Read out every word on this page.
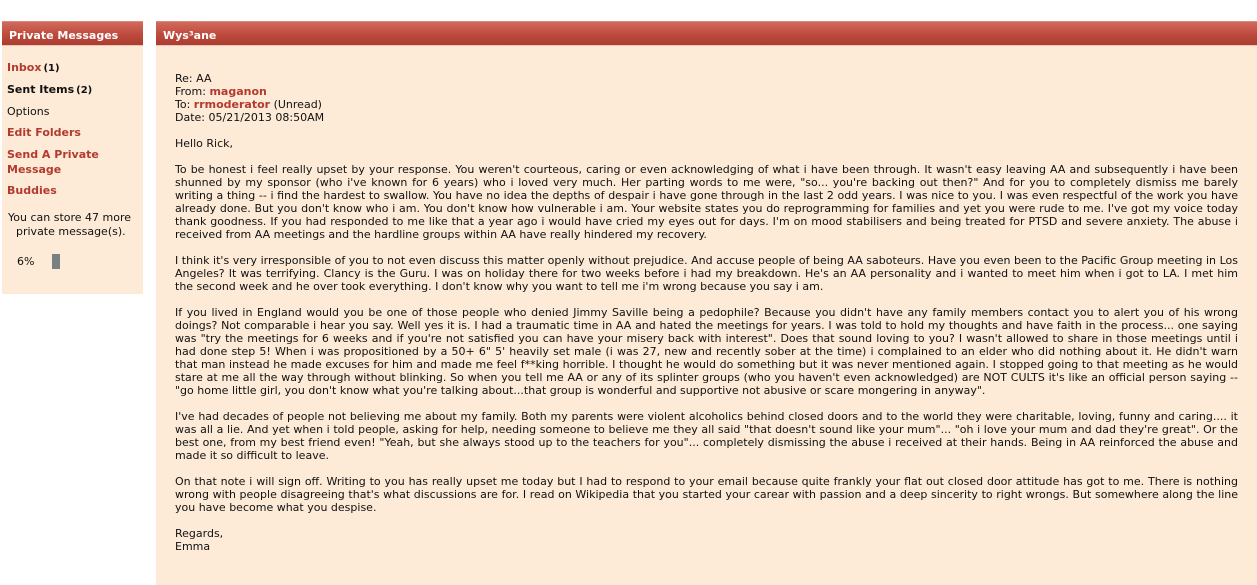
Private Messages
Inbox (1)
Sent Items (2)
Options
Edit Folders
Send A Private Message
Buddies
You can store 47 more
private message(s).
6%
Wys³ane
Re: AA
From: maganon
To: rrmoderator (Unread)
Date: 05/21/2013 08:50AM
Hello Rick,
To be honest i feel really upset by your response. You weren't courteous, caring or even acknowledging of what i have been through. It wasn't easy leaving AA and subsequently i have been shunned by my sponsor (who i've known for 6 years) who i loved very much. Her parting words to me were, "so... you're backing out then?" And for you to completely dismiss me barely writing a thing -- i find the hardest to swallow. You have no idea the depths of despair i have gone through in the last 2 odd years. I was nice to you. I was even respectful of the work you have already done. But you don't know who i am. You don't know how vulnerable i am. Your website states you do reprogramming for families and yet you were rude to me. I've got my voice today thank goodness. If you had responded to me like that a year ago i would have cried my eyes out for days. I'm on mood stabilisers and being treated for PTSD and severe anxiety. The abuse i received from AA meetings and the hardline groups within AA have really hindered my recovery.
I think it's very irresponsible of you to not even discuss this matter openly without prejudice. And accuse people of being AA saboteurs. Have you even been to the Pacific Group meeting in Los Angeles? It was terrifying. Clancy is the Guru. I was on holiday there for two weeks before i had my breakdown. He's an AA personality and i wanted to meet him when i got to LA. I met him the second week and he over took everything. I don't know why you want to tell me i'm wrong because you say i am.
If you lived in England would you be one of those people who denied Jimmy Saville being a pedophile? Because you didn't have any family members contact you to alert you of his wrong doings? Not comparable i hear you say. Well yes it is. I had a traumatic time in AA and hated the meetings for years. I was told to hold my thoughts and have faith in the process... one saying was "try the meetings for 6 weeks and if you're not satisfied you can have your misery back with interest". Does that sound loving to you? I wasn't allowed to share in those meetings until i had done step 5! When i was propositioned by a 50+ 6" 5' heavily set male (i was 27, new and recently sober at the time) i complained to an elder who did nothing about it. He didn't warn that man instead he made excuses for him and made me feel f**king horrible. I thought he would do something but it was never mentioned again. I stopped going to that meeting as he would stare at me all the way through without blinking. So when you tell me AA or any of its splinter groups (who you haven't even acknowledged) are NOT CULTS it's like an official person saying -- "go home little girl, you don't know what you're talking about...that group is wonderful and supportive not abusive or scare mongering in anyway".
I've had decades of people not believing me about my family. Both my parents were violent alcoholics behind closed doors and to the world they were charitable, loving, funny and caring.... it was all a lie. And yet when i told people, asking for help, needing someone to believe me they all said "that doesn't sound like your mum"... "oh i love your mum and dad they're great". Or the best one, from my best friend even! "Yeah, but she always stood up to the teachers for you"... completely dismissing the abuse i received at their hands. Being in AA reinforced the abuse and made it so difficult to leave.
On that note i will sign off. Writing to you has really upset me today but I had to respond to your email because quite frankly your flat out closed door attitude has got to me. There is nothing wrong with people disagreeing that's what discussions are for. I read on Wikipedia that you started your carear with passion and a deep sincerity to right wrongs. But somewhere along the line you have become what you despise.
Regards,
Emma
